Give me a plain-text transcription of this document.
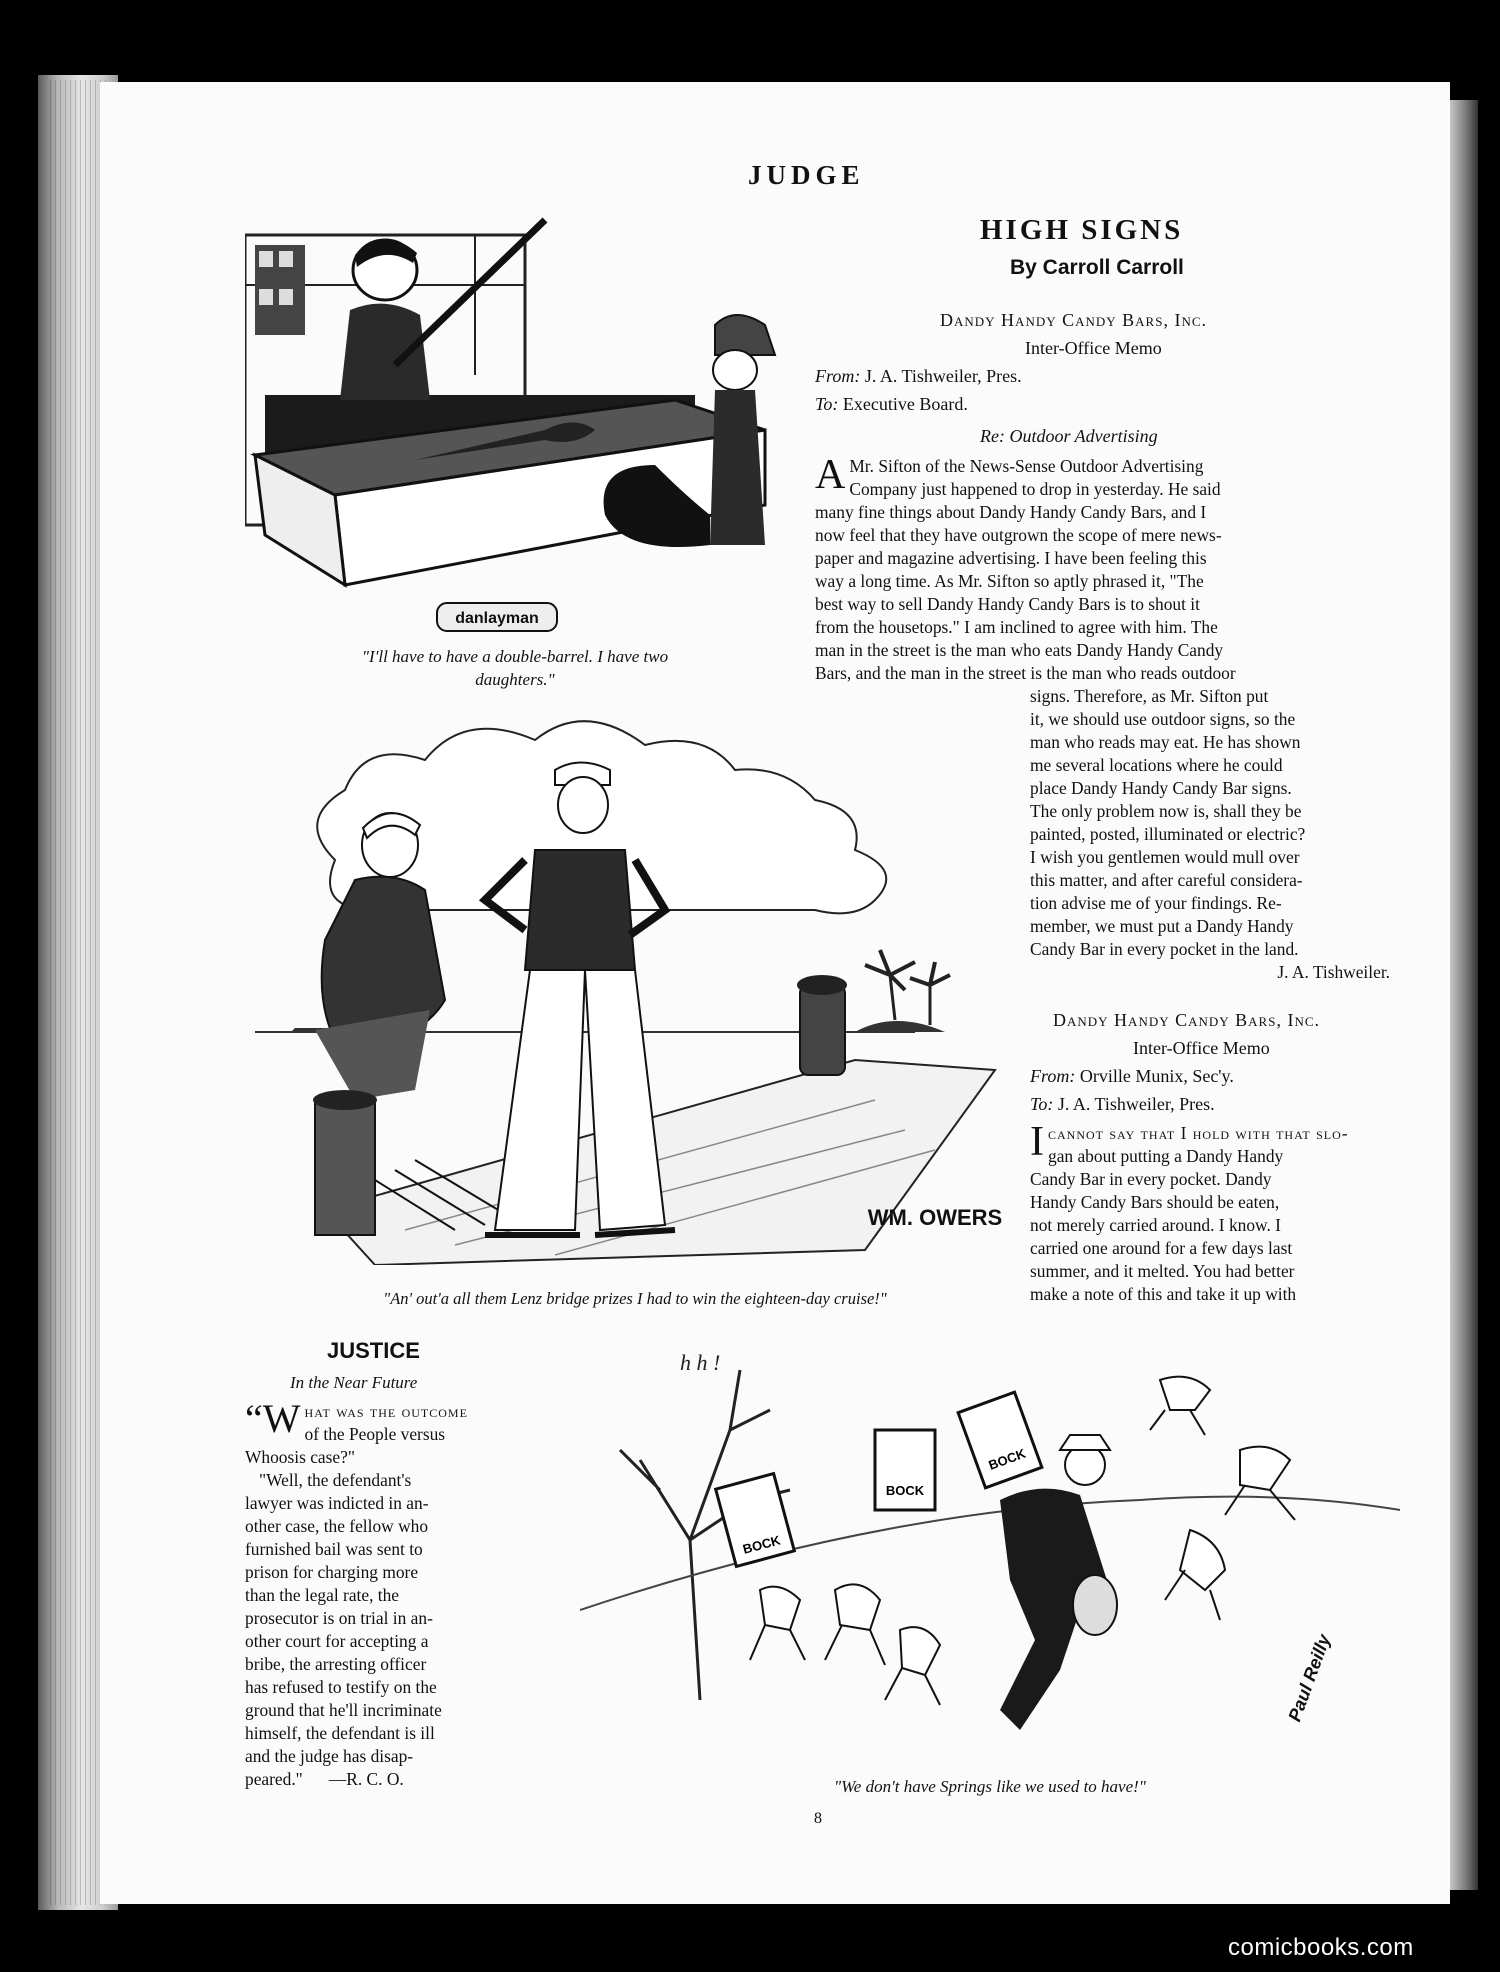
JUDGE
danlayman
"I'll have to have a double-barrel. I have two
daughters."
HIGH SIGNS
By Carroll Carroll
Dandy Handy Candy Bars, Inc.
Inter-Office Memo
From: J. A. Tishweiler, Pres.
To: Executive Board.
Re: Outdoor Advertising
A Mr. Sifton of the News-Sense Outdoor Advertising
Company just happened to drop in yesterday. He said
many fine things about Dandy Handy Candy Bars, and I
now feel that they have outgrown the scope of mere news-
paper and magazine advertising. I have been feeling this
way a long time. As Mr. Sifton so aptly phrased it, "The
best way to sell Dandy Handy Candy Bars is to shout it
from the housetops." I am inclined to agree with him. The
man in the street is the man who eats Dandy Handy Candy
Bars, and the man in the street is the man who reads outdoor
signs. Therefore, as Mr. Sifton put
it, we should use outdoor signs, so the
man who reads may eat. He has shown
me several locations where he could
place Dandy Handy Candy Bar signs.
The only problem now is, shall they be
painted, posted, illuminated or electric?
I wish you gentlemen would mull over
this matter, and after careful considera-
tion advise me of your findings. Re-
member, we must put a Dandy Handy
Candy Bar in every pocket in the land.
J. A. Tishweiler.
Dandy Handy Candy Bars, Inc.
Inter-Office Memo
From: Orville Munix, Sec'y.
To: J. A. Tishweiler, Pres.
I cannot say that I hold with that slo-
gan about putting a Dandy Handy
Candy Bar in every pocket. Dandy
Handy Candy Bars should be eaten,
not merely carried around. I know. I
carried one around for a few days last
summer, and it melted. You had better
make a note of this and take it up with
WM. OWERS
"An' out'a all them Lenz bridge prizes I had to win the eighteen-day cruise!"
JUSTICE
In the Near Future
“W hat was the outcome
of the People versus
Whoosis case?"
"Well, the defendant's
lawyer was indicted in an-
other case, the fellow who
furnished bail was sent to
prison for charging more
than the legal rate, the
prosecutor is on trial in an-
other court for accepting a
bribe, the arresting officer
has refused to testify on the
ground that he'll incriminate
himself, the defendant is ill
and the judge has disap-
peared."      —R. C. O.
h h !
BOCK
BOCK
BOCK
Paul Reilly
"We don't have Springs like we used to have!"
8
comicbooks.com
